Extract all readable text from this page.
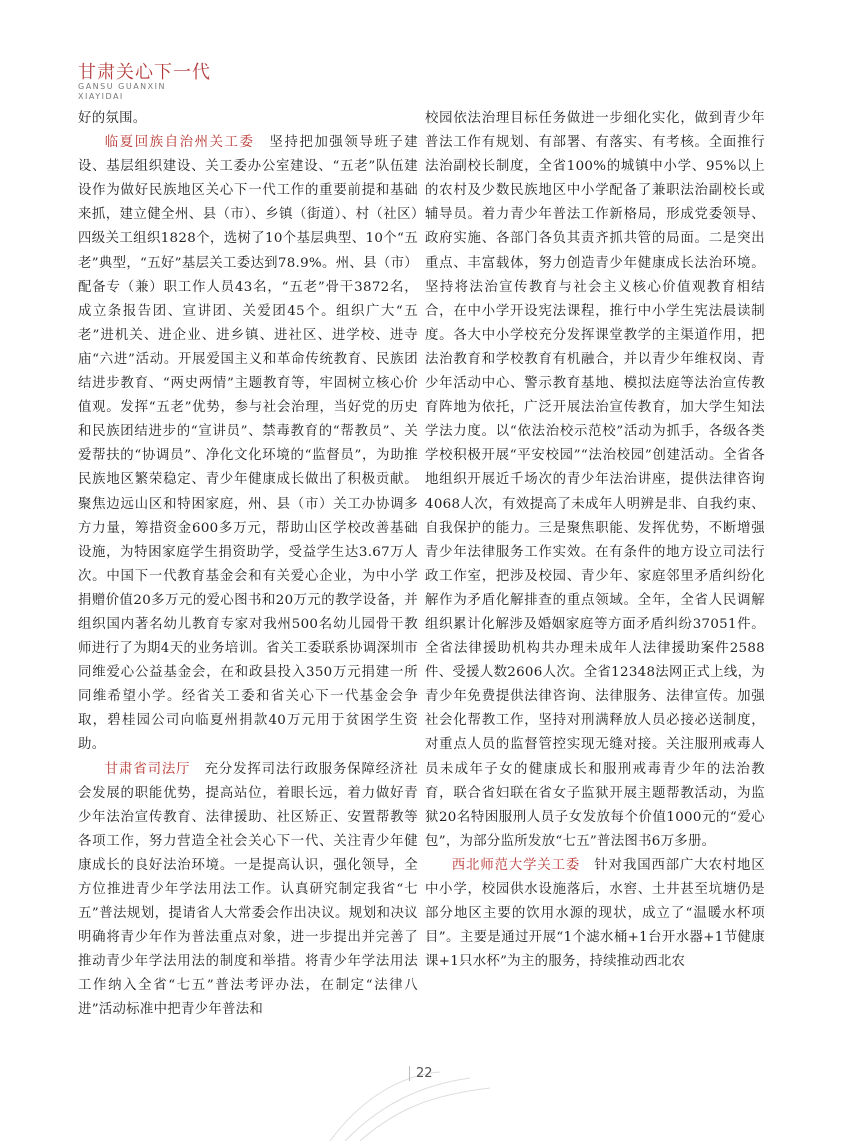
甘肃关心下一代
GANSU GUANXIN
XIAYIDAI

好的氛围。

临夏回族自治州关工委　 坚持把加强领导班子建设、基层组织建设、关工委办公室建设、“五老”队伍建设作为做好民族地区关心下一代工作的重要前提和基础来抓，建立健全州、县（市）、乡镇（街道）、村（社区）四级关工组织1828个，选树了10个基层典型、10个“五老”典型，“五好”基层关工委达到78.9%。州、县（市）配备专（兼）职工作人员43名，“五老”骨干3872名，成立条报告团、宣讲团、关爱团45个。组织广大“五老”进机关、进企业、进乡镇、进社区、进学校、进寺庙“六进”活动。开展爱国主义和革命传统教育、民族团结进步教育、“两史两情”主题教育等，牢固树立核心价值观。发挥“五老”优势，参与社会治理，当好党的历史和民族团结进步的“宣讲员”、禁毒教育的“帮教员”、关爱帮扶的“协调员”、净化文化环境的“监督员”，为助推民族地区繁荣稳定、青少年健康成长做出了积极贡献。聚焦边远山区和特困家庭，州、县（市）关工办协调多方力量，筹措资金600多万元，帮助山区学校改善基础设施，为特困家庭学生捐资助学，受益学生达3.67万人次。中国下一代教育基金会和有关爱心企业，为中小学捐赠价值20多万元的爱心图书和20万元的教学设备，并组织国内著名幼儿教育专家对我州500名幼儿园骨干教师进行了为期4天的业务培训。省关工委联系协调深圳市同维爱心公益基金会，在和政县投入350万元捐建一所同维希望小学。经省关工委和省关心下一代基金会争取，碧桂园公司向临夏州捐款40万元用于贫困学生资助。

甘肃省司法厅　 充分发挥司法行政服务保障经济社会发展的职能优势，提高站位，着眼长远，着力做好青少年法治宣传教育、法律援助、社区矫正、安置帮教等各项工作，努力营造全社会关心下一代、关注青少年健康成长的良好法治环境。一是提高认识，强化领导，全方位推进青少年学法用法工作。认真研究制定我省“七五”普法规划，提请省人大常委会作出决议。规划和决议明确将青少年作为普法重点对象，进一步提出并完善了推动青少年学法用法的制度和举措。将青少年学法用法工作纳入全省“七五”普法考评办法，在制定“法律八进”活动标准中把青少年普法和

校园依法治理目标任务做进一步细化实化，做到青少年普法工作有规划、有部署、有落实、有考核。全面推行法治副校长制度，全省100%的城镇中小学、95%以上的农村及少数民族地区中小学配备了兼职法治副校长或辅导员。着力青少年普法工作新格局，形成党委领导、政府实施、各部门各负其责齐抓共管的局面。二是突出重点、丰富载体，努力创造青少年健康成长法治环境。坚持将法治宣传教育与社会主义核心价值观教育相结合，在中小学开设宪法课程，推行中小学生宪法晨读制度。各大中小学校充分发挥课堂教学的主渠道作用，把法治教育和学校教育有机融合，并以青少年维权岗、青少年活动中心、警示教育基地、模拟法庭等法治宣传教育阵地为依托，广泛开展法治宣传教育，加大学生知法学法力度。以“依法治校示范校”活动为抓手，各级各类学校积极开展“平安校园”“法治校园”创建活动。全省各地组织开展近千场次的青少年法治讲座，提供法律咨询4068人次，有效提高了未成年人明辨是非、自我约束、自我保护的能力。三是聚焦职能、发挥优势，不断增强青少年法律服务工作实效。在有条件的地方设立司法行政工作室，把涉及校园、青少年、家庭邻里矛盾纠纷化解作为矛盾化解排查的重点领域。全年，全省人民调解组织累计化解涉及婚姻家庭等方面矛盾纠纷37051件。全省法律援助机构共办理未成年人法律援助案件2588件、受援人数2606人次。全省12348法网正式上线，为青少年免费提供法律咨询、法律服务、法律宣传。加强社会化帮教工作，坚持对刑满释放人员必接必送制度，对重点人员的监督管控实现无缝对接。关注服刑戒毒人员未成年子女的健康成长和服刑戒毒青少年的法治教育，联合省妇联在省女子监狱开展主题帮教活动，为监狱20名特困服刑人员子女发放每个价值1000元的“爱心包”，为部分监所发放“七五”普法图书6万多册。

西北师范大学关工委　 针对我国西部广大农村地区中小学，校园供水设施落后，水窖、土井甚至坑塘仍是部分地区主要的饮用水源的现状，成立了“温暖水杯项目”。主要是通过开展“1个滤水桶+1台开水器+1节健康课+1只水杯”为主的服务，持续推动西北农

22
